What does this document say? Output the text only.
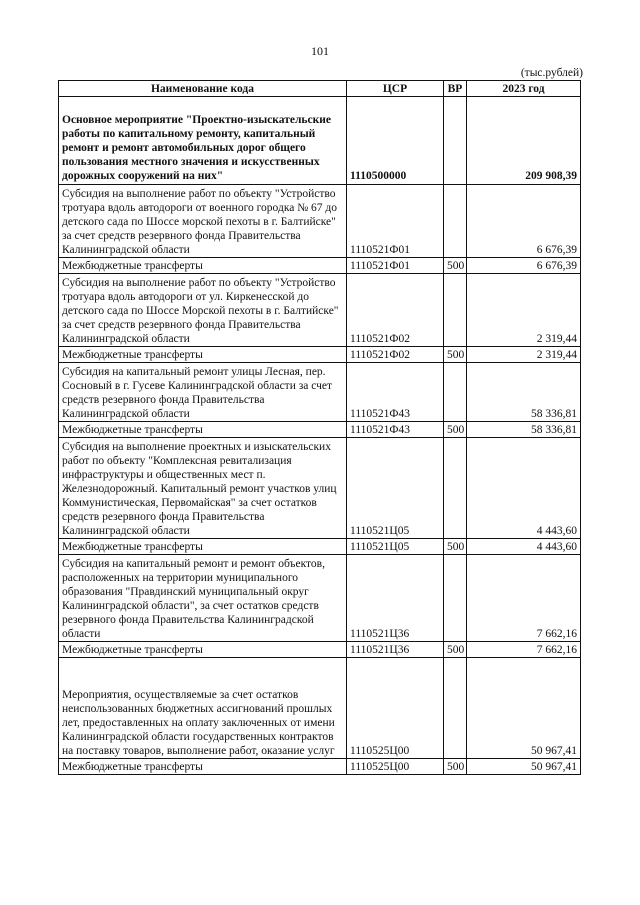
101
(тыс.рублей)
Наименование кода	ЦСР	ВР	2023 год
Основное мероприятие "Проектно-изыскательские работы по капитальному ремонту, капитальный ремонт и ремонт автомобильных дорог общего пользования местного значения и искусственных дорожных сооружений на них"	1110500000		209 908,39
Субсидия на выполнение работ по объекту "Устройство тротуара вдоль автодороги от военного городка № 67 до детского сада по Шоссе морской пехоты в г. Балтийске" за счет средств резервного фонда Правительства Калининградской области	1110521Ф01		6 676,39
Межбюджетные трансферты	1110521Ф01	500	6 676,39
Субсидия на выполнение работ по объекту "Устройство тротуара вдоль автодороги от ул. Киркенесской до детского сада по Шоссе Морской пехоты в г. Балтийске" за счет средств резервного фонда Правительства Калининградской области	1110521Ф02		2 319,44
Межбюджетные трансферты	1110521Ф02	500	2 319,44
Субсидия на капитальный ремонт улицы Лесная, пер. Сосновый в г. Гусеве Калининградской области за счет средств резервного фонда Правительства Калининградской области	1110521Ф43		58 336,81
Межбюджетные трансферты	1110521Ф43	500	58 336,81
Субсидия на выполнение проектных и изыскательских работ по объекту "Комплексная ревитализация инфраструктуры и общественных мест п. Железнодорожный. Капитальный ремонт участков улиц Коммунистическая, Первомайская" за счет остатков средств резервного фонда Правительства Калининградской области	1110521Ц05		4 443,60
Межбюджетные трансферты	1110521Ц05	500	4 443,60
Субсидия на капитальный ремонт и ремонт объектов, расположенных на территории муниципального образования "Правдинский муниципальный округ Калининградской области", за счет остатков средств резервного фонда Правительства Калининградской области	1110521Ц36		7 662,16
Межбюджетные трансферты	1110521Ц36	500	7 662,16
Мероприятия, осуществляемые за счет остатков неиспользованных бюджетных ассигнований прошлых лет, предоставленных на оплату заключенных от имени Калининградской области государственных контрактов на поставку товаров, выполнение работ, оказание услуг	1110525Ц00		50 967,41
Межбюджетные трансферты	1110525Ц00	500	50 967,41
